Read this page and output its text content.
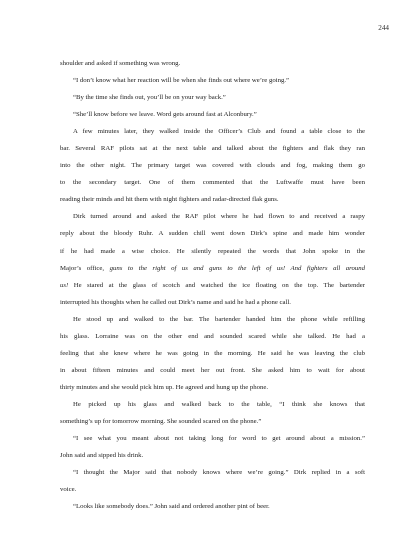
244
shoulder and asked if something was wrong.
“I don’t know what her reaction will be when she finds out where we’re going.”
“By the time she finds out, you’ll be on your way back.”
“She’ll know before we leave. Word gets around fast at Alconbury.”
A few minutes later, they walked inside the Officer’s Club and found a table close to the
bar. Several RAF pilots sat at the next table and talked about the fighters and flak they ran
into the other night. The primary target was covered with clouds and fog, making them go
to the secondary target. One of them commented that the Luftwaffe must have been
reading their minds and hit them with night fighters and radar-directed flak guns.
Dirk turned around and asked the RAF pilot where he had flown to and received a raspy
reply about the bloody Ruhr. A sudden chill went down Dirk’s spine and made him wonder
if he had made a wise choice. He silently repeated the words that John spoke in the
Major’s office, guns to the right of us and guns to the left of us! And fighters all around
us! He stared at the glass of scotch and watched the ice floating on the top. The bartender
interrupted his thoughts when he called out Dirk’s name and said he had a phone call.
He stood up and walked to the bar. The bartender handed him the phone while refilling
his glass. Lorraine was on the other end and sounded scared while she talked. He had a
feeling that she knew where he was going in the morning. He said he was leaving the club
in about fifteen minutes and could meet her out front. She asked him to wait for about
thirty minutes and she would pick him up. He agreed and hung up the phone.
He picked up his glass and walked back to the table, “I think she knows that
something’s up for tomorrow morning. She sounded scared on the phone.”
“I see what you meant about not taking long for word to get around about a mission.”
John said and sipped his drink.
“I thought the Major said that nobody knows where we’re going.” Dirk replied in a soft
voice.
“Looks like somebody does.” John said and ordered another pint of beer.
